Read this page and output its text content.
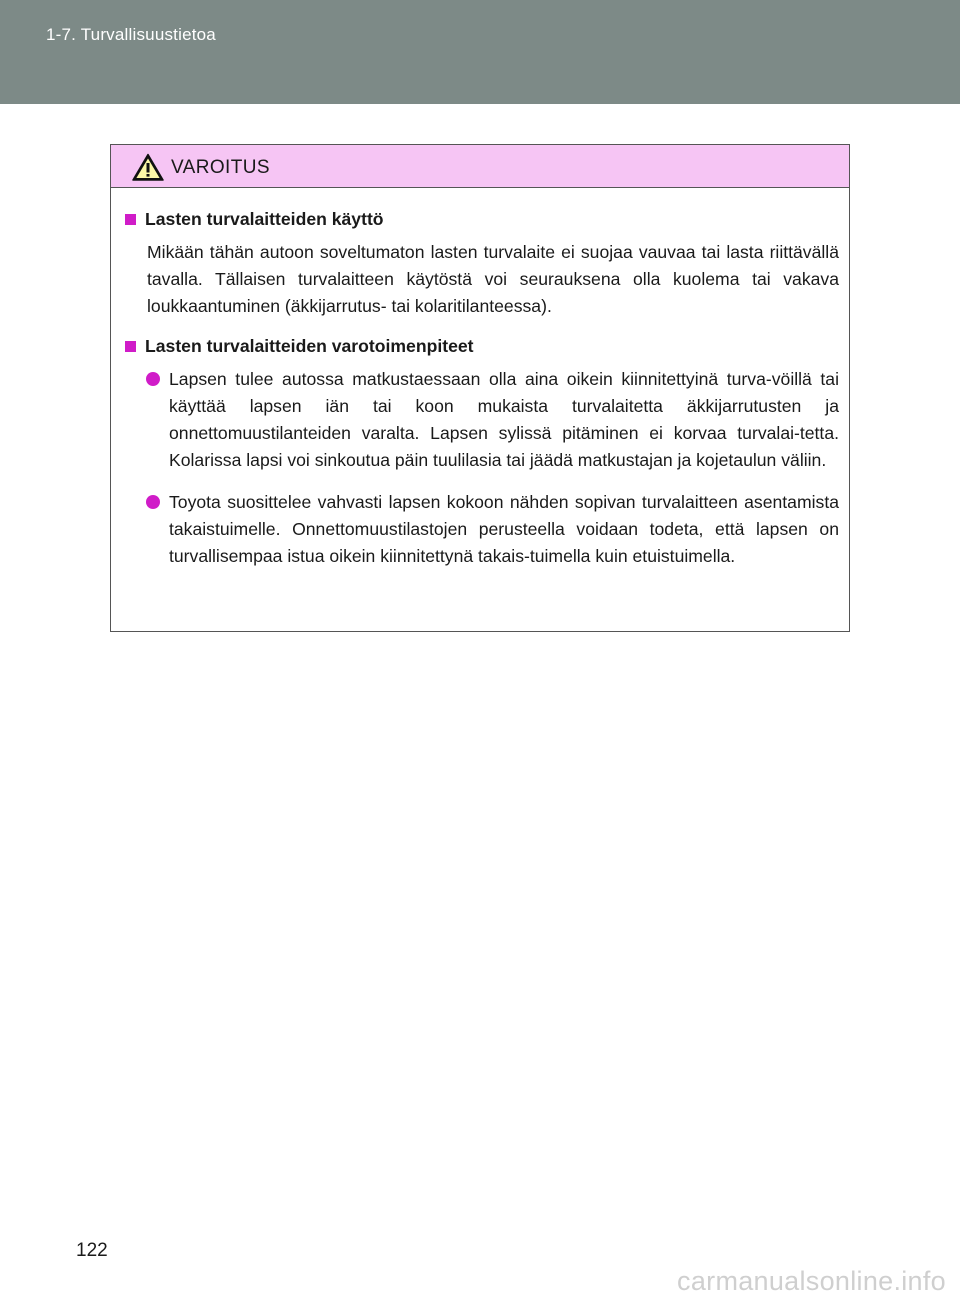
1-7. Turvallisuustietoa
VAROITUS
Lasten turvalaitteiden käyttö
Mikään tähän autoon soveltumaton lasten turvalaite ei suojaa vauvaa tai lasta riittävällä tavalla. Tällaisen turvalaitteen käytöstä voi seurauksena olla kuolema tai vakava loukkaantuminen (äkkijarrutus- tai kolaritilanteessa).
Lasten turvalaitteiden varotoimenpiteet
Lapsen tulee autossa matkustaessaan olla aina oikein kiinnitettyinä turva-vöillä tai käyttää lapsen iän tai koon mukaista turvalaitetta äkkijarrutusten ja onnettomuustilanteiden varalta. Lapsen sylissä pitäminen ei korvaa turvalai-tetta. Kolarissa lapsi voi sinkoutua päin tuulilasia tai jäädä matkustajan ja kojetaulun väliin.
Toyota suosittelee vahvasti lapsen kokoon nähden sopivan turvalaitteen asentamista takaistuimelle. Onnettomuustilastojen perusteella voidaan todeta, että lapsen on turvallisempaa istua oikein kiinnitettynä takais-tuimella kuin etuistuimella.
122
carmanualsonline.info
